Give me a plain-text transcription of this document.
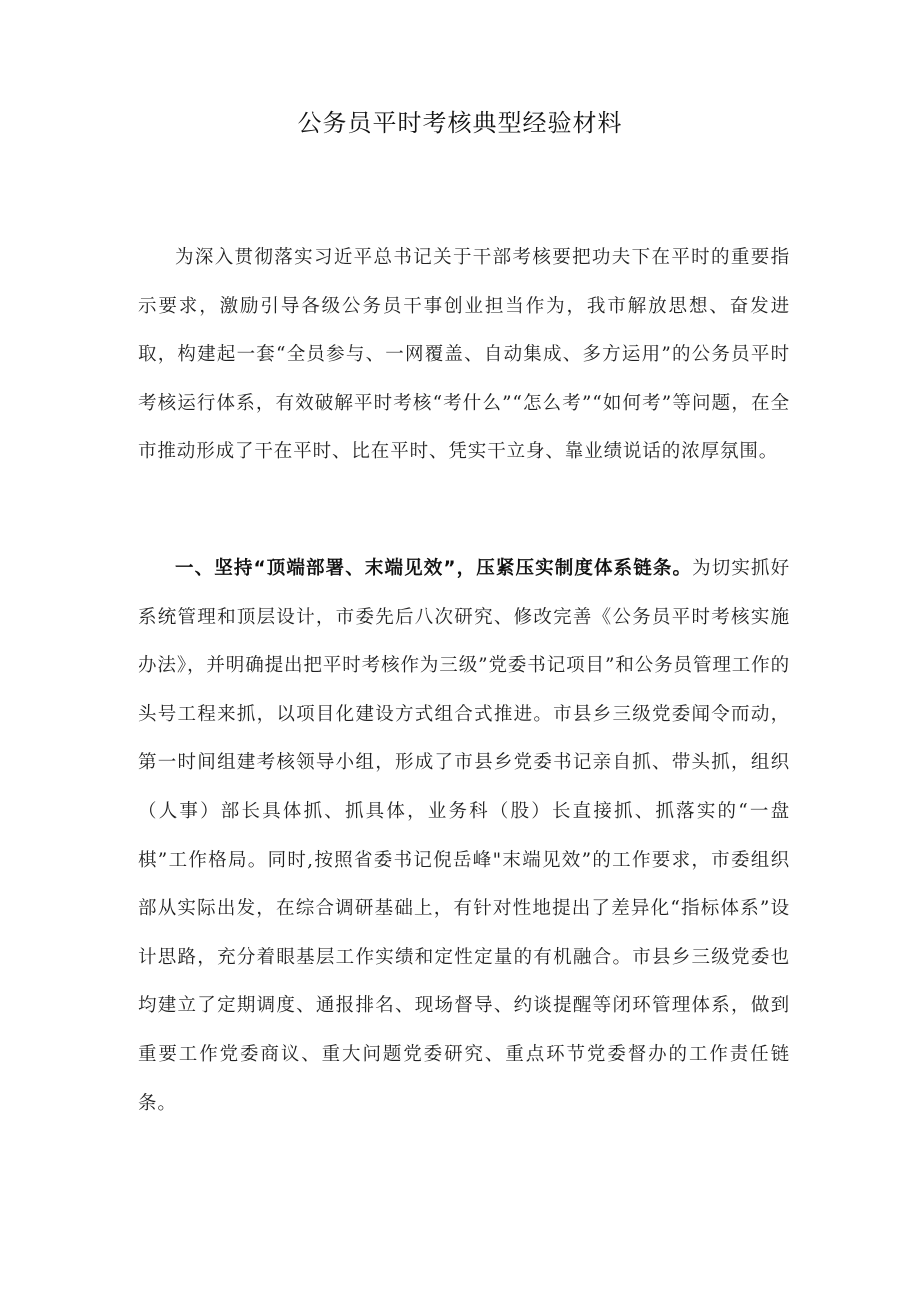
公务员平时考核典型经验材料

为深入贯彻落实习近平总书记关于干部考核要把功夫下在平时的重要指示要求，激励引导各级公务员干事创业担当作为，我市解放思想、奋发进取，构建起一套“全员参与、一网覆盖、自动集成、多方运用”的公务员平时考核运行体系，有效破解平时考核“考什么”“怎么考”“如何考”等问题，在全市推动形成了干在平时、比在平时、凭实干立身、靠业绩说话的浓厚氛围。

一、坚持“顶端部署、末端见效”，压紧压实制度体系链条。为切实抓好系统管理和顶层设计，市委先后八次研究、修改完善《公务员平时考核实施办法》，并明确提出把平时考核作为三级”党委书记项目”和公务员管理工作的头号工程来抓，以项目化建设方式组合式推进。市县乡三级党委闻令而动，第一时间组建考核领导小组，形成了市县乡党委书记亲自抓、带头抓，组织（人事）部长具体抓、抓具体，业务科（股）长直接抓、抓落实的“一盘棋”工作格局。同时,按照省委书记倪岳峰"末端见效”的工作要求，市委组织部从实际出发，在综合调研基础上，有针对性地提出了差异化“指标体系”设计思路，充分着眼基层工作实绩和定性定量的有机融合。市县乡三级党委也均建立了定期调度、通报排名、现场督导、约谈提醒等闭环管理体系，做到重要工作党委商议、重大问题党委研究、重点环节党委督办的工作责任链条。
